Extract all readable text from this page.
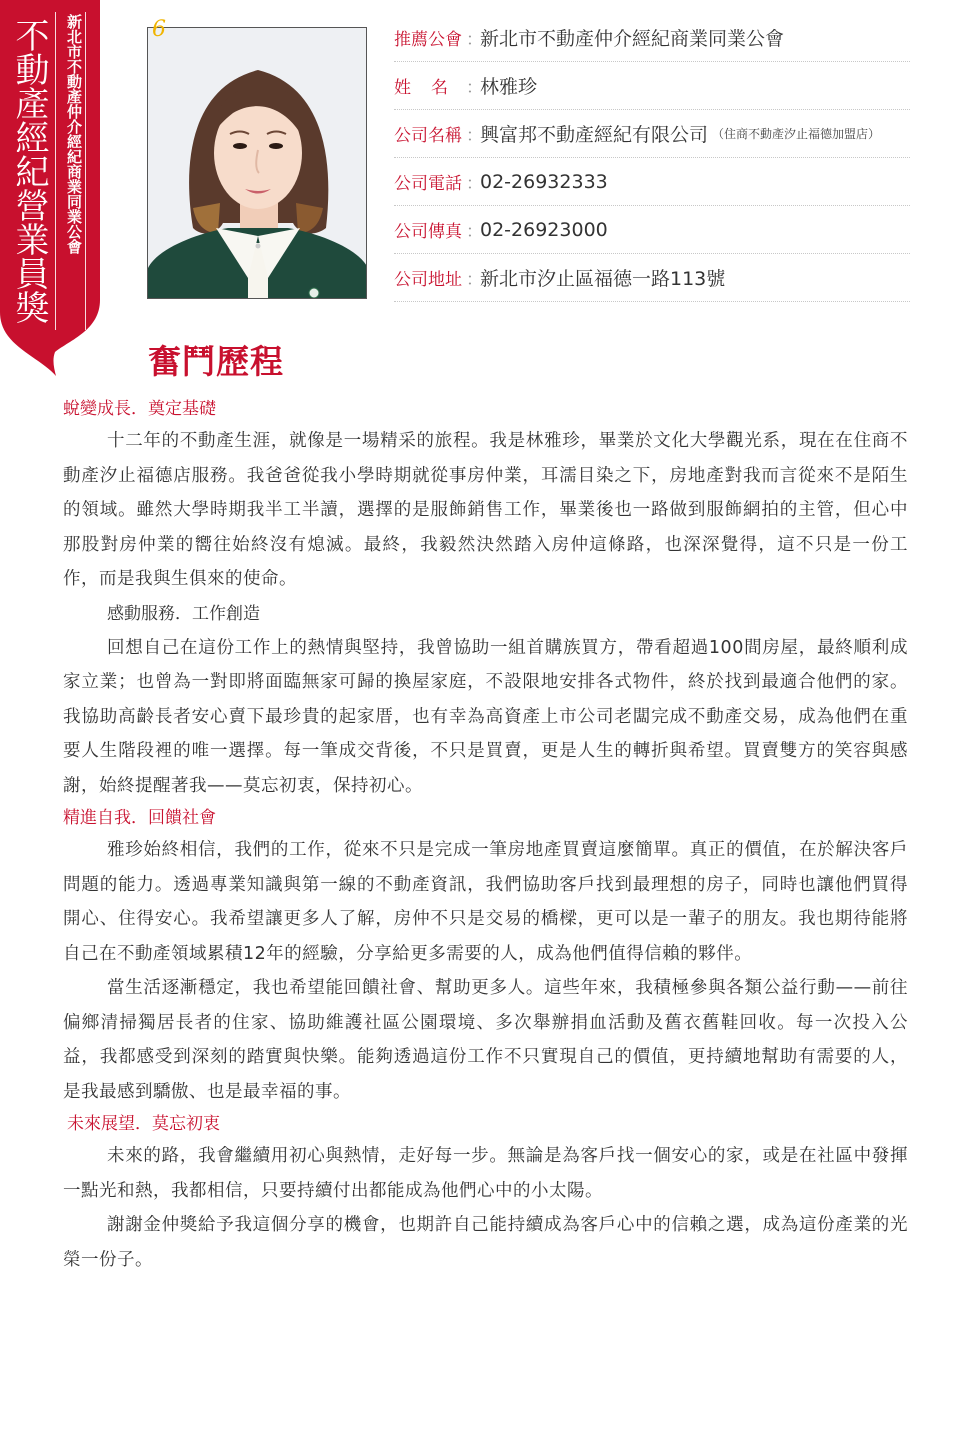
不動產經紀營業員獎	新北市不動產仲介經紀商業同業公會	6	推薦公會 ：
新北市不動產仲介經紀商業同業公會
姓名
：
林雅珍
公司名稱 ：
興富邦不動產經紀有限公司 （住商不動產汐止福德加盟店）
公司電話 ：
02-26932333
公司傳真 ：
02-26923000
公司地址 ：
新北市汐止區福德一路113號
奮鬥歷程
蛻變成長．奠定基礎

十二年的不動產生涯，就像是一場精采的旅程。我是林雅珍，畢業於文化大學觀光系，現在在住商不動產汐止福德店服務。我爸爸從我小學時期就從事房仲業，耳濡目染之下，房地產對我而言從來不是陌生的領域。雖然大學時期我半工半讀，選擇的是服飾銷售工作，畢業後也一路做到服飾網拍的主管，但心中那股對房仲業的嚮往始終沒有熄滅。最終，我毅然決然踏入房仲這條路，也深深覺得，這不只是一份工作，而是我與生俱來的使命。

感動服務．工作創造

回想自己在這份工作上的熱情與堅持，我曾協助一組首購族買方，帶看超過100間房屋，最終順利成家立業；也曾為一對即將面臨無家可歸的換屋家庭，不設限地安排各式物件，終於找到最適合他們的家。我協助高齡長者安心賣下最珍貴的起家厝，也有幸為高資產上市公司老闆完成不動產交易，成為他們在重要人生階段裡的唯一選擇。每一筆成交背後，不只是買賣，更是人生的轉折與希望。買賣雙方的笑容與感謝，始終提醒著我——莫忘初衷，保持初心。

精進自我．回饋社會

雅珍始終相信，我們的工作，從來不只是完成一筆房地產買賣這麼簡單。真正的價值，在於解決客戶問題的能力。透過專業知識與第一線的不動產資訊，我們協助客戶找到最理想的房子，同時也讓他們買得開心、住得安心。我希望讓更多人了解，房仲不只是交易的橋樑，更可以是一輩子的朋友。我也期待能將自己在不動產領域累積12年的經驗，分享給更多需要的人，成為他們值得信賴的夥伴。

當生活逐漸穩定，我也希望能回饋社會、幫助更多人。這些年來，我積極參與各類公益行動——前往偏鄉清掃獨居長者的住家、協助維護社區公園環境、多次舉辦捐血活動及舊衣舊鞋回收。每一次投入公益，我都感受到深刻的踏實與快樂。能夠透過這份工作不只實現自己的價值，更持續地幫助有需要的人，是我最感到驕傲、也是最幸福的事。

未來展望．莫忘初衷

未來的路，我會繼續用初心與熱情，走好每一步。無論是為客戶找一個安心的家，或是在社區中發揮一點光和熱，我都相信，只要持續付出都能成為他們心中的小太陽。

謝謝金仲獎給予我這個分享的機會，也期許自己能持續成為客戶心中的信賴之選，成為這份產業的光榮一份子。
